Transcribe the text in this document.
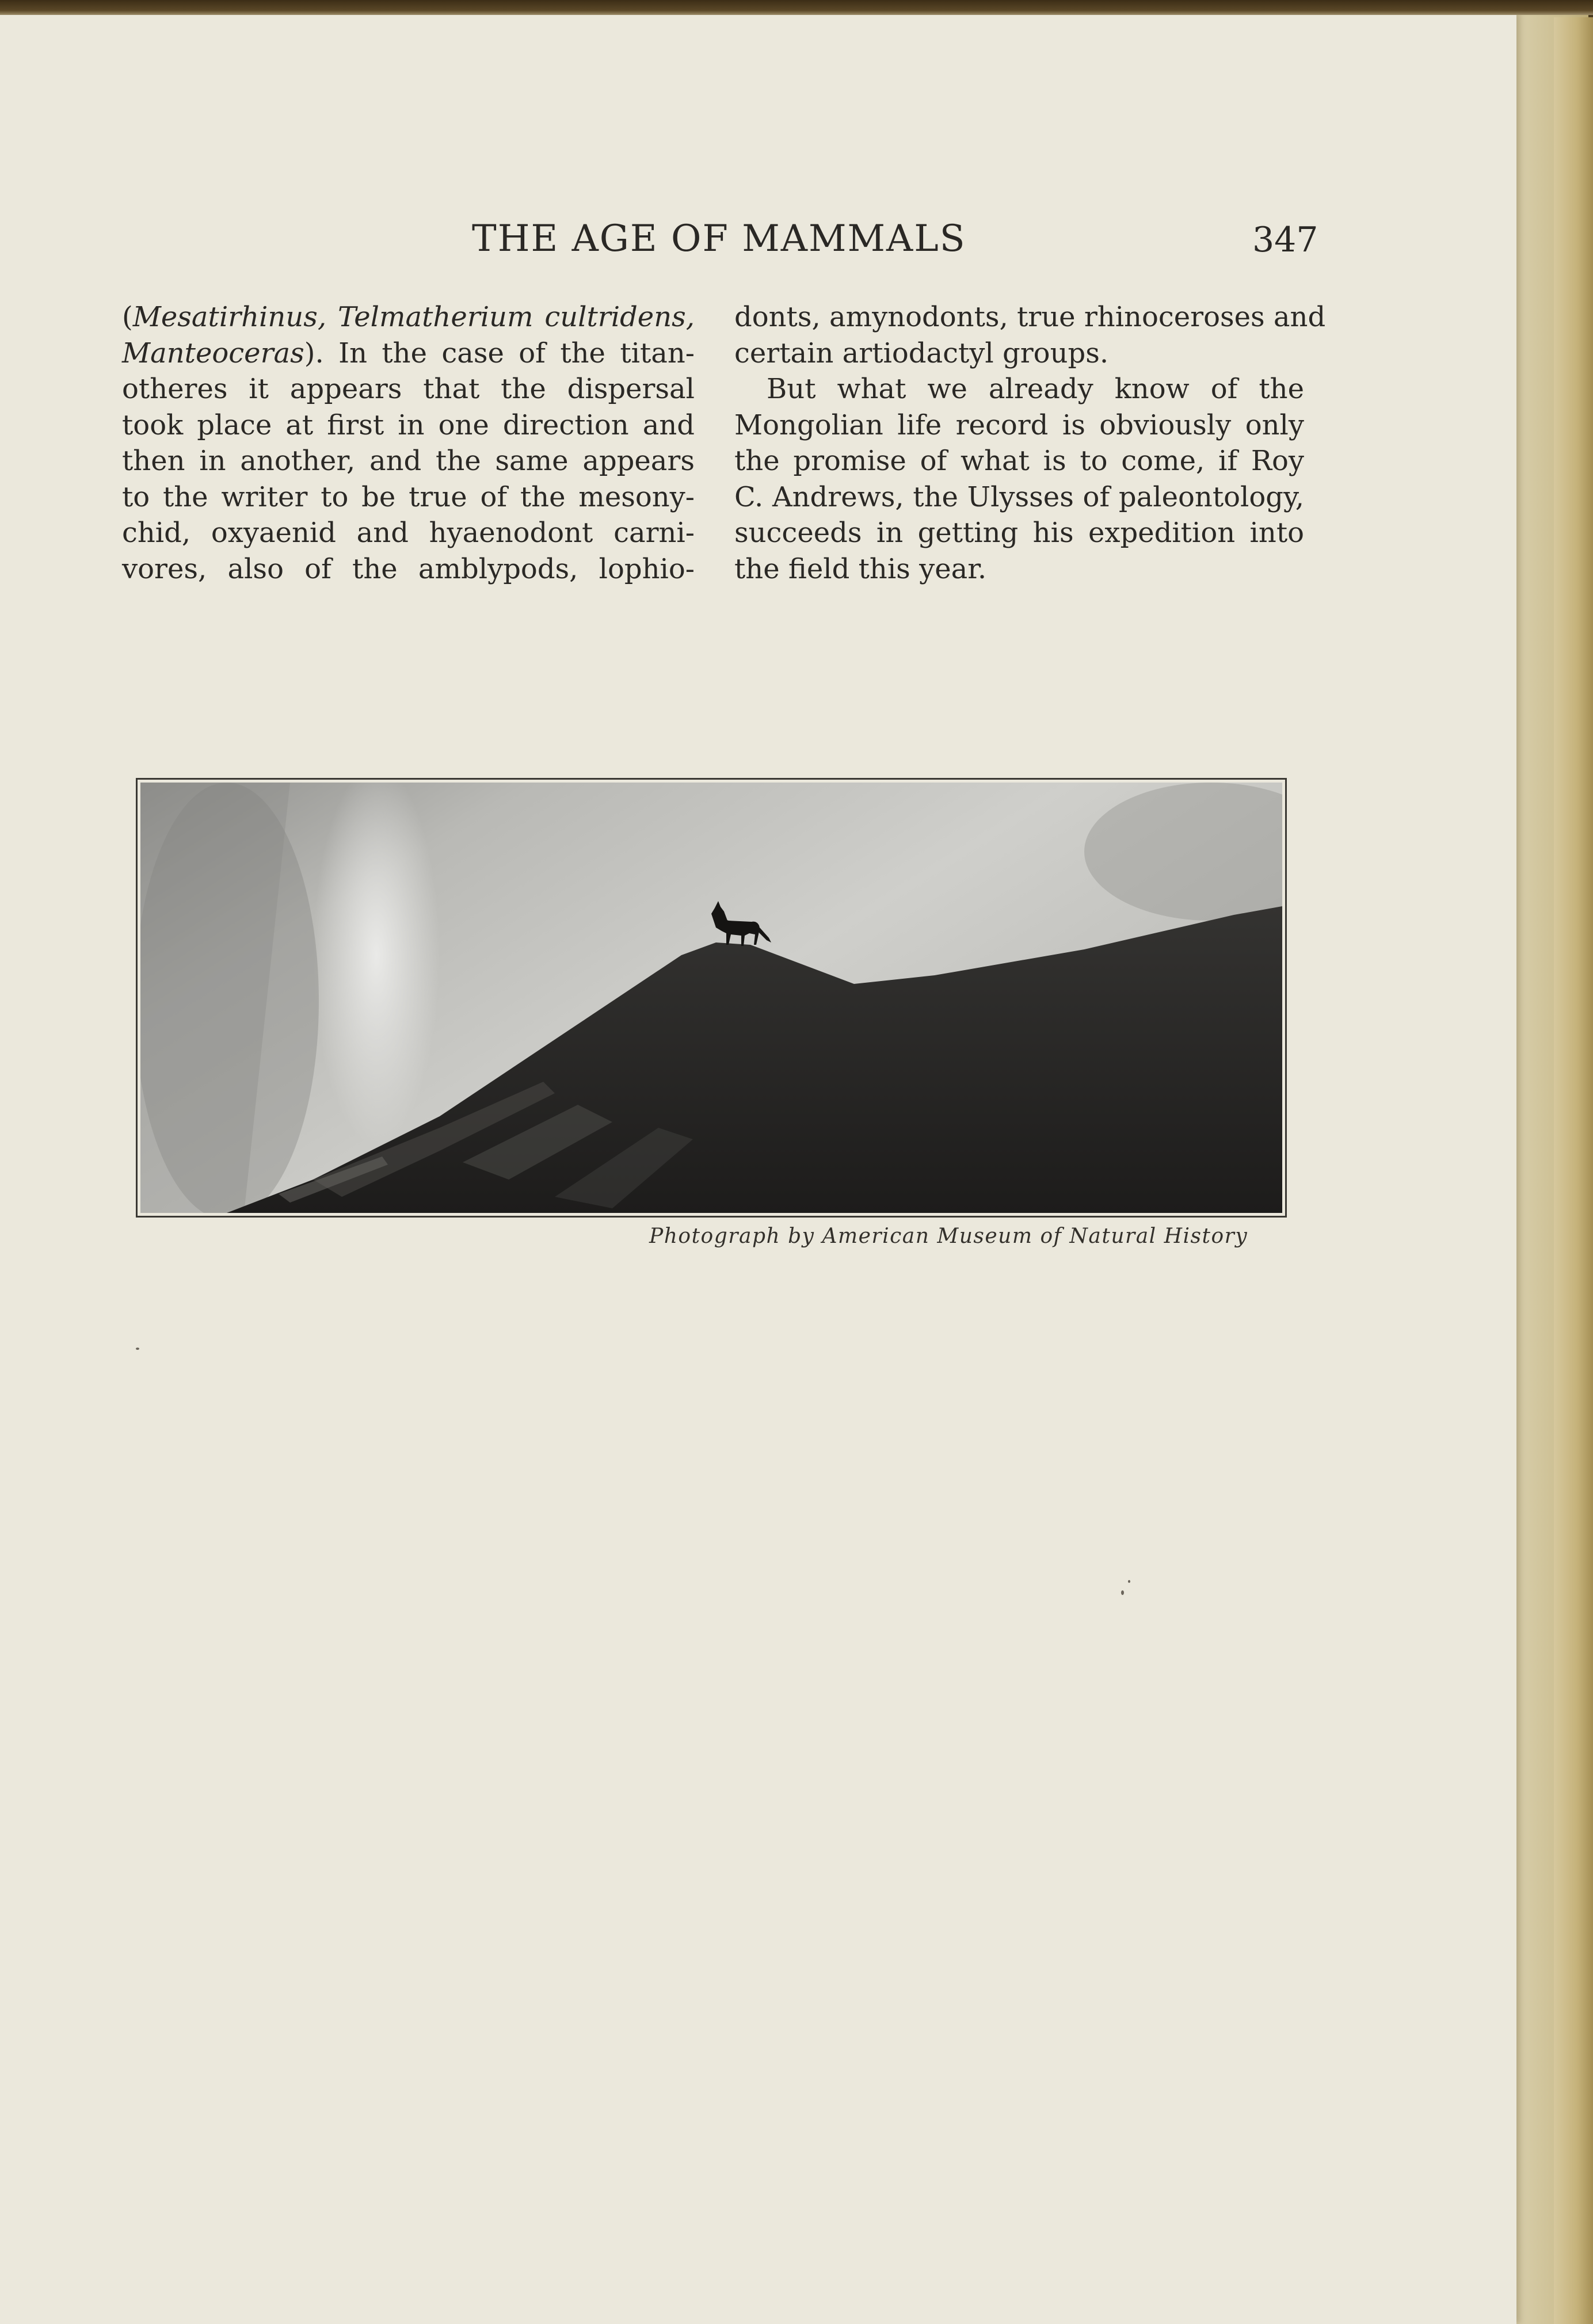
THE AGE OF MAMMALS	347
(Mesatirhinus, Telmatherium cultridens,
Manteoceras). In the case of the titan-
otheres it appears that the dispersal
took place at first in one direction and
then in another, and the same appears
to the writer to be true of the mesony-
chid, oxyaenid and hyaenodont carni-
vores, also of the amblypods, lophio-
donts, amynodonts, true rhinoceroses and
certain artiodactyl groups.
But what we already know of the
Mongolian life record is obviously only
the promise of what is to come, if Roy
C. Andrews, the Ulysses of paleontology,
succeeds in getting his expedition into
the field this year.
Photograph by American Museum of Natural History
